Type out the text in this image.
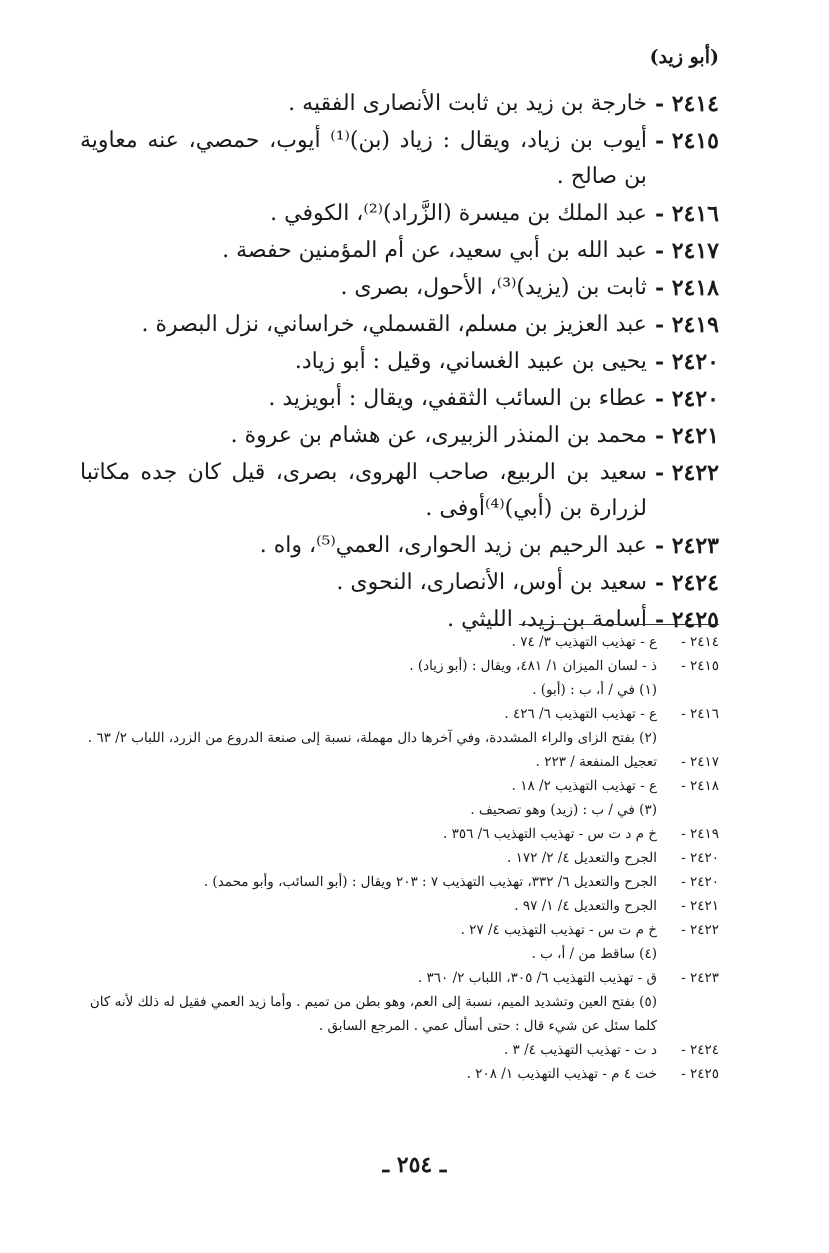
(أبو زيد)
٢٤١٤ -
خارجة بن زيد بن ثابت الأنصارى الفقيه .
٢٤١٥ -
أيوب بن زياد، ويقال : زياد (بن)⁽¹⁾ أيوب، حمصي، عنه معاوية بن صالح .
٢٤١٦ -
عبد الملك بن ميسرة (الزَّراد)⁽²⁾، الكوفي .
٢٤١٧ -
عبد الله بن أبي سعيد، عن أم المؤمنين حفصة .
٢٤١٨ -
ثابت بن (يزيد)⁽³⁾، الأحول، بصرى .
٢٤١٩ -
عبد العزيز بن مسلم، القسملي، خراساني، نزل البصرة .
٢٤٢٠ -
يحيى بن عبيد الغساني، وقيل : أبو زياد.
٢٤٢٠ -
عطاء بن السائب الثقفي، ويقال : أبويزيد .
٢٤٢١ -
محمد بن المنذر الزبيرى، عن هشام بن عروة .
٢٤٢٢ -
سعيد بن الربيع، صاحب الهروى، بصرى، قيل كان جده مكاتبا لزرارة بن (أبي)⁽⁴⁾أوفى .
٢٤٢٣ -
عبد الرحيم بن زيد الحوارى، العمي⁽⁵⁾، واه .
٢٤٢٤ -
سعيد بن أوس، الأنصارى، النحوى .
٢٤٢٥ -
أسامة بن زيد، الليثي .
٢٤١٤ -
ع - تهذيب التهذيب ٣/ ٧٤ .
٢٤١٥ -
ذ - لسان الميزان ١/ ٤٨١، ويقال : (أبو زياد) .
(١) في / أ، ب : (أبو) .
٢٤١٦ -
ع - تهذيب التهذيب ٦/ ٤٢٦ .
(٢) بفتح الزاى والراء المشددة، وفي آخرها دال مهملة، نسبة إلى صنعة الدروع من الزرد، اللباب ٢/ ٦٣ .
٢٤١٧ -
تعجيل المنفعة / ٢٢٣ .
٢٤١٨ -
ع - تهذيب التهذيب ٢/ ١٨ .
(٣) في / ب : (زيد) وهو تصحيف .
٢٤١٩ -
خ م د ت س - تهذيب التهذيب ٦/ ٣٥٦ .
٢٤٢٠ -
الجرح والتعديل ٤/ ٢/ ١٧٢ .
٢٤٢٠ -
الجرح والتعديل ٦/ ٣٣٢، تهذيب التهذيب ٧ : ٢٠٣ ويقال : (أبو السائب، وأبو محمد) .
٢٤٢١ -
الجرح والتعديل ٤/ ١/ ٩٧ .
٢٤٢٢ -
خ م ت س - تهذيب التهذيب ٤/ ٢٧ .
(٤) ساقط من / أ، ب .
٢٤٢٣ -
ق - تهذيب التهذيب ٦/ ٣٠٥، اللباب ٢/ ٣٦٠ .
(٥) بفتح العين وتشديد الميم، نسبة إلى العم، وهو بطن من تميم . وأما زيد العمي فقيل له ذلك لأنه كان كلما سئل عن شيء قال : حتى أسأل عمي . المرجع السابق .
٢٤٢٤ -
د ت - تهذيب التهذيب ٤/ ٣ .
٢٤٢٥ -
خت ٤ م - تهذيب التهذيب ١/ ٢٠٨ .
ـ ٢٥٤ ـ
